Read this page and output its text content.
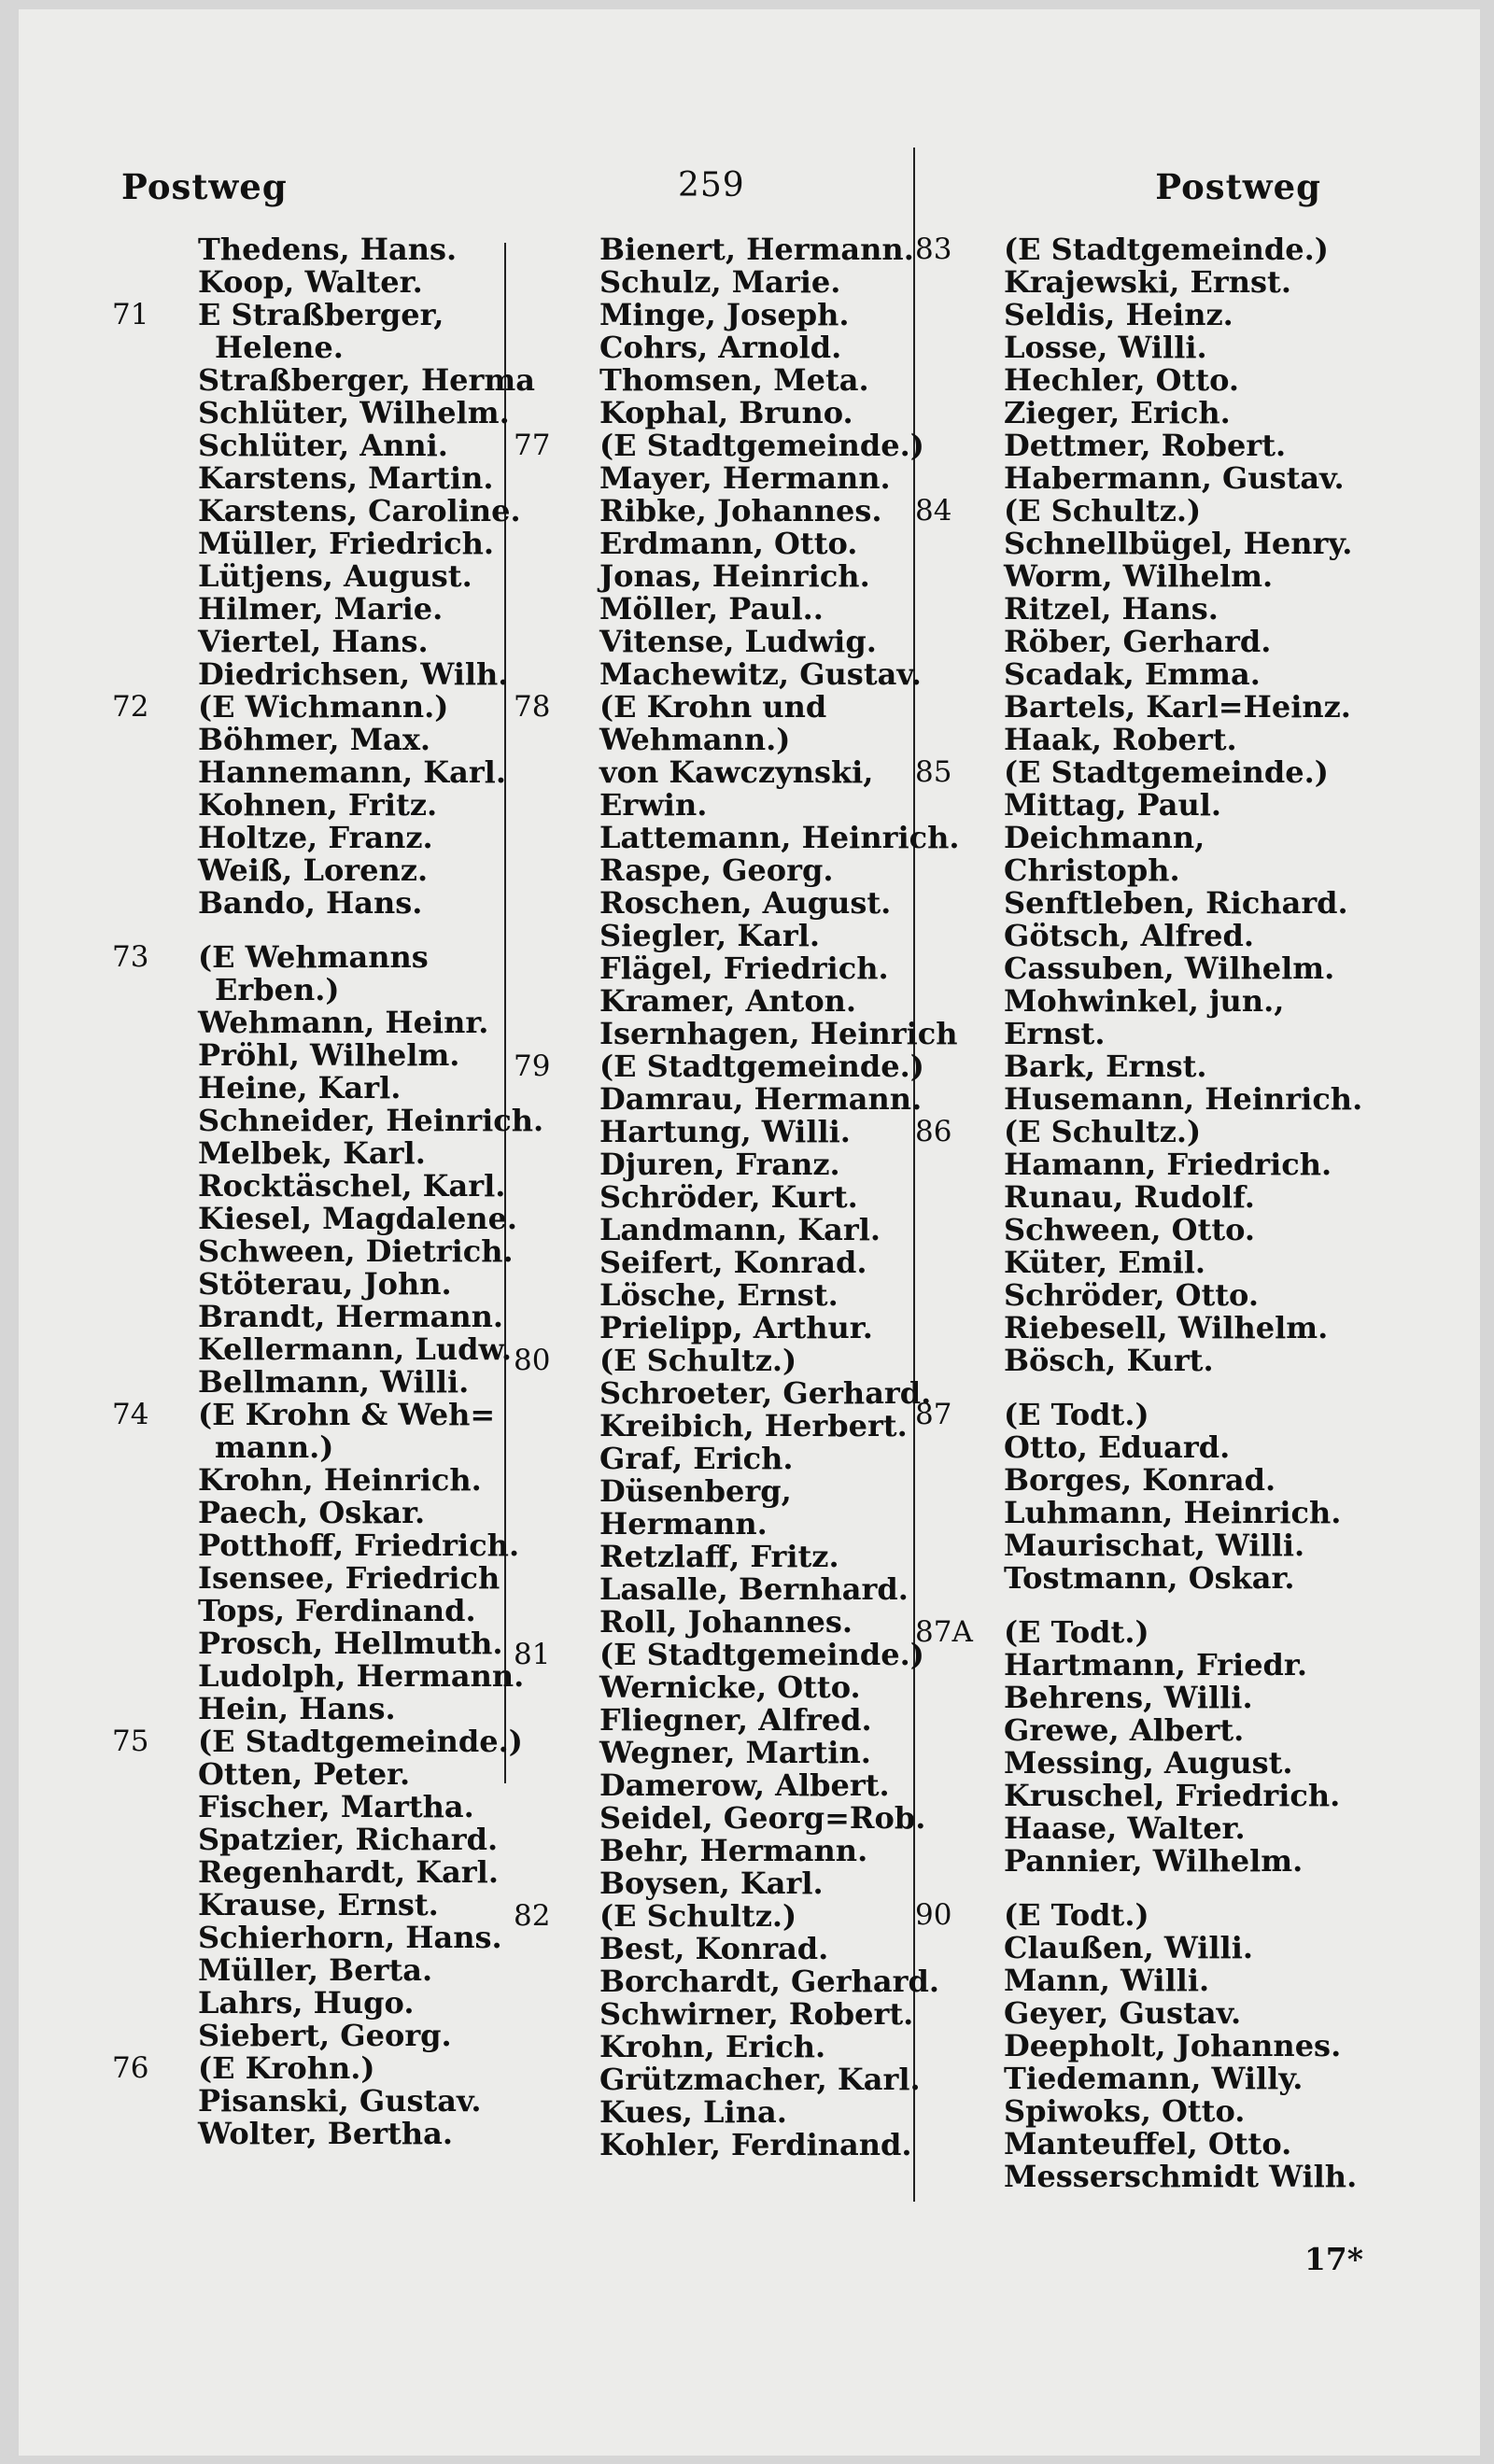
Postweg	259	Postweg
Thedens, Hans.
Koop, Walter.
71	E Straßberger,
Helene.
Straßberger, Herma
Schlüter, Wilhelm.
Schlüter, Anni.
Karstens, Martin.
Karstens, Caroline.
Müller, Friedrich.
Lütjens, August.
Hilmer, Marie.
Viertel, Hans.
Diedrichsen, Wilh.
72	(E Wichmann.)
Böhmer, Max.
Hannemann, Karl.
Kohnen, Fritz.
Holtze, Franz.
Weiß, Lorenz.
Bando, Hans.
73	(E Wehmanns
Erben.)
Wehmann, Heinr.
Pröhl, Wilhelm.
Heine, Karl.
Schneider, Heinrich.
Melbek, Karl.
Rocktäschel, Karl.
Kiesel, Magdalene.
Schween, Dietrich.
Stöterau, John.
Brandt, Hermann.
Kellermann, Ludw.
Bellmann, Willi.
74	(E Krohn & Weh=
mann.)
Krohn, Heinrich.
Paech, Oskar.
Potthoff, Friedrich.
Isensee, Friedrich
Tops, Ferdinand.
Prosch, Hellmuth.
Ludolph, Hermann.
Hein, Hans.
75	(E Stadtgemeinde.)
Otten, Peter.
Fischer, Martha.
Spatzier, Richard.
Regenhardt, Karl.
Krause, Ernst.
Schierhorn, Hans.
Müller, Berta.
Lahrs, Hugo.
Siebert, Georg.
76	(E Krohn.)
Pisanski, Gustav.
Wolter, Bertha.
Bienert, Hermann.
Schulz, Marie.
Minge, Joseph.
Cohrs, Arnold.
Thomsen, Meta.
Kophal, Bruno.
77	(E Stadtgemeinde.)
Mayer, Hermann.
Ribke, Johannes.
Erdmann, Otto.
Jonas, Heinrich.
Möller, Paul..
Vitense, Ludwig.
Machewitz, Gustav.
78	(E Krohn und
Wehmann.)
von Kawczynski,
Erwin.
Lattemann, Heinrich.
Raspe, Georg.
Roschen, August.
Siegler, Karl.
Flägel, Friedrich.
Kramer, Anton.
Isernhagen, Heinrich
79	(E Stadtgemeinde.)
Damrau, Hermann.
Hartung, Willi.
Djuren, Franz.
Schröder, Kurt.
Landmann, Karl.
Seifert, Konrad.
Lösche, Ernst.
Prielipp, Arthur.
80	(E Schultz.)
Schroeter, Gerhard.
Kreibich, Herbert.
Graf, Erich.
Düsenberg,
Hermann.
Retzlaff, Fritz.
Lasalle, Bernhard.
Roll, Johannes.
81	(E Stadtgemeinde.)
Wernicke, Otto.
Fliegner, Alfred.
Wegner, Martin.
Damerow, Albert.
Seidel, Georg=Rob.
Behr, Hermann.
Boysen, Karl.
82	(E Schultz.)
Best, Konrad.
Borchardt, Gerhard.
Schwirner, Robert.
Krohn, Erich.
Grützmacher, Karl.
Kues, Lina.
Kohler, Ferdinand.
83	(E Stadtgemeinde.)
Krajewski, Ernst.
Seldis, Heinz.
Losse, Willi.
Hechler, Otto.
Zieger, Erich.
Dettmer, Robert.
Habermann, Gustav.
84	(E Schultz.)
Schnellbügel, Henry.
Worm, Wilhelm.
Ritzel, Hans.
Röber, Gerhard.
Scadak, Emma.
Bartels, Karl=Heinz.
Haak, Robert.
85	(E Stadtgemeinde.)
Mittag, Paul.
Deichmann,
Christoph.
Senftleben, Richard.
Götsch, Alfred.
Cassuben, Wilhelm.
Mohwinkel, jun.,
Ernst.
Bark, Ernst.
Husemann, Heinrich.
86	(E Schultz.)
Hamann, Friedrich.
Runau, Rudolf.
Schween, Otto.
Küter, Emil.
Schröder, Otto.
Riebesell, Wilhelm.
Bösch, Kurt.
87	(E Todt.)
Otto, Eduard.
Borges, Konrad.
Luhmann, Heinrich.
Maurischat, Willi.
Tostmann, Oskar.
87A	(E Todt.)
Hartmann, Friedr.
Behrens, Willi.
Grewe, Albert.
Messing, August.
Kruschel, Friedrich.
Haase, Walter.
Pannier, Wilhelm.
90	(E Todt.)
Claußen, Willi.
Mann, Willi.
Geyer, Gustav.
Deepholt, Johannes.
Tiedemann, Willy.
Spiwoks, Otto.
Manteuffel, Otto.
Messerschmidt Wilh.
17*
